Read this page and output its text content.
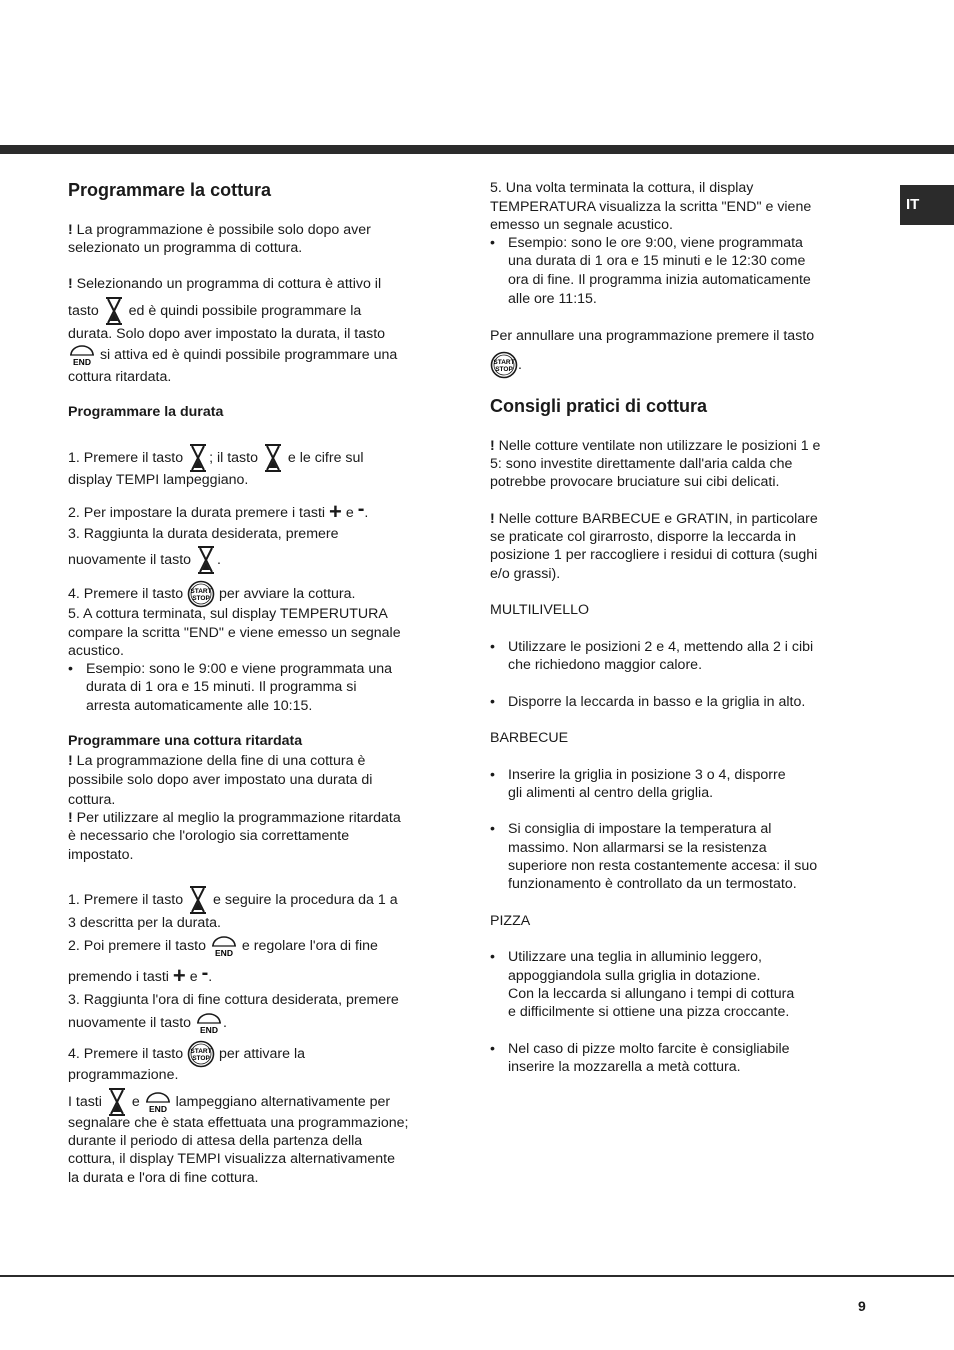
IT
9
Programmare la cottura
! La programmazione è possibile solo dopo aver
selezionato un programma di cottura.
! Selezionando un programma di cottura è attivo il
tasto ed è quindi possibile programmare la
durata. Solo dopo aver impostato la durata, il tasto
END si attiva ed è quindi possibile programmare una
cottura ritardata.
Programmare la durata
1. Premere il tasto ; il tasto e le cifre sul
display TEMPI lampeggiano.
2. Per impostare la durata premere i tasti + e -.
3. Raggiunta la durata desiderata, premere
nuovamente il tasto .
4. Premere il tasto START
STOP per avviare la cottura.
5. A cottura terminata, sul display TEMPERUTURA
compare la scritta "END" e viene emesso un segnale
acustico.
• Esempio: sono le 9:00 e viene programmata una
durata di 1 ora e 15 minuti. Il programma si
arresta automaticamente alle 10:15.
Programmare una cottura ritardata
! La programmazione della fine di una cottura è
possibile solo dopo aver impostato una durata di
cottura.
! Per utilizzare al meglio la programmazione ritardata
è necessario che l'orologio sia correttamente
impostato.
1. Premere il tasto e seguire la procedura da 1 a
3 descritta per la durata.
2. Poi premere il tasto END e regolare l'ora di fine
premendo i tasti + e -.
3. Raggiunta l'ora di fine cottura desiderata, premere
nuovamente il tasto END .
4. Premere il tasto START
STOP per attivare la
programmazione.
I tasti e END lampeggiano alternativamente per
segnalare che è stata effettuata una programmazione;
durante il periodo di attesa della partenza della
cottura, il display TEMPI visualizza alternativamente
la durata e l'ora di fine cottura.
5. Una volta terminata la cottura, il display
TEMPERATURA visualizza la scritta "END" e viene
emesso un segnale acustico.
• Esempio: sono le ore 9:00, viene programmata
una durata di 1 ora e 15 minuti e le 12:30 come
ora di fine. Il programma inizia automaticamente
alle ore 11:15.
Per annullare una programmazione premere il tasto
START
STOP .
Consigli pratici di cottura
! Nelle cotture ventilate non utilizzare le posizioni 1 e
5: sono investite direttamente dall'aria calda che
potrebbe provocare bruciature sui cibi delicati.
! Nelle cotture BARBECUE e GRATIN, in particolare
se praticate col girarrosto, disporre la leccarda in
posizione 1 per raccogliere i residui di cottura (sughi
e/o grassi).
MULTILIVELLO
• Utilizzare le posizioni 2 e 4, mettendo alla 2 i cibi
che richiedono maggior calore.
• Disporre la leccarda in basso e la griglia in alto.
BARBECUE
• Inserire la griglia in posizione 3 o 4, disporre
gli alimenti al centro della griglia.
• Si consiglia di impostare la temperatura al
massimo. Non allarmarsi se la resistenza
superiore non resta costantemente accesa: il suo
funzionamento è controllato da un termostato.
PIZZA
• Utilizzare una teglia in alluminio leggero,
appoggiandola sulla griglia in dotazione.
Con la leccarda si allungano i tempi di cottura
e difficilmente si ottiene una pizza croccante.
• Nel caso di pizze molto farcite è consigliabile
inserire la mozzarella a metà cottura.
